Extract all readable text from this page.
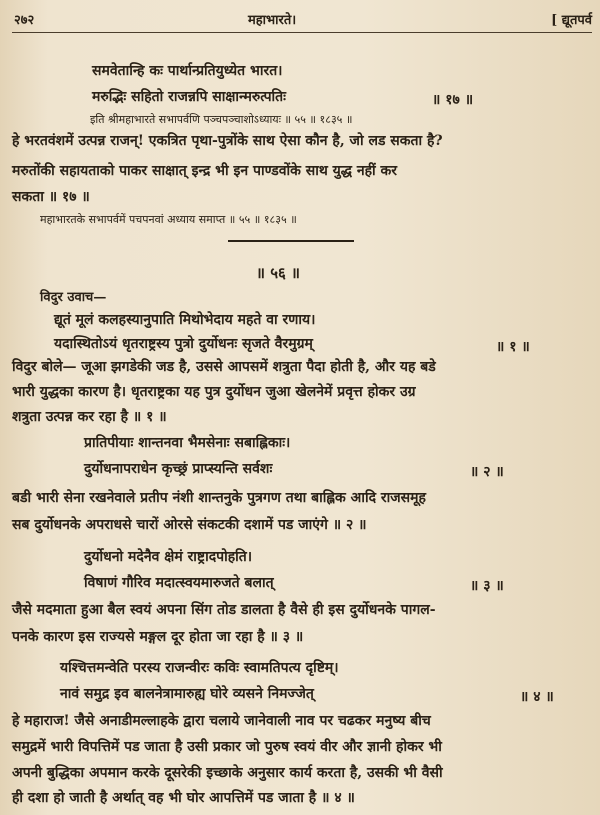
२७२	महाभारते।	[ द्यूतपर्व
समवेतान्हि कः पार्थान्प्रतियुध्येत भारत।
मरुद्भिः सहितो राजन्नपि साक्षान्मरुत्पतिः	॥ १७ ॥
इति श्रीमहाभारते सभापर्वणि पञ्चपञ्चाशोऽध्यायः ॥ ५५ ॥ १८३५ ॥
हे भरतवंशमें उत्पन्न राजन्! एकत्रित पृथा-पुत्रोंके साथ ऐसा कौन है, जो लड सकता है?
मरुतोंकी सहायताको पाकर साक्षात् इन्द्र भी इन पाण्डवोंके साथ युद्ध नहीं कर
सकता ॥ १७ ॥
महाभारतके सभापर्वमें पचपनवां अध्याय समाप्त ॥ ५५ ॥ १८३५ ॥
॥ ५६ ॥
विदुर उवाच—
द्यूतं मूलं कलहस्यानुपाति मिथोभेदाय महते वा रणाय।
यदास्थितोऽयं धृतराष्ट्रस्य पुत्रो दुर्योधनः सृजते वैरमुग्रम्	॥ १ ॥
विदुर बोले— जूआ झगडेकी जड है, उससे आपसमें शत्रुता पैदा होती है, और यह बडे
भारी युद्धका कारण है। धृतराष्ट्रका यह पुत्र दुर्योधन जुआ खेलनेमें प्रवृत्त होकर उग्र
शत्रुता उत्पन्न कर रहा है ॥ १ ॥
प्रातिपीयाः शान्तनवा भैमसेनाः सबाह्लिकाः।
दुर्योधनापराधेन कृच्छ्रं प्राप्स्यन्ति सर्वशः	॥ २ ॥
बडी भारी सेना रखनेवाले प्रतीप नंशी शान्तनुके पुत्रगण तथा बाह्लिक आदि राजसमूह
सब दुर्योधनके अपराधसे चारों ओरसे संकटकी दशामें पड जाएंगे ॥ २ ॥
दुर्योधनो मदेनैव क्षेमं राष्ट्रादपोहति।
विषाणं गौरिव मदात्स्वयमारुजते बलात्	॥ ३ ॥
जैसे मदमाता हुआ बैल स्वयं अपना सिंग तोड डालता है वैसे ही इस दुर्योधनके पागल-
पनके कारण इस राज्यसे मङ्गल दूर होता जा रहा है ॥ ३ ॥
यश्चित्तमन्वेति परस्य राजन्वीरः कविः स्वामतिपत्य दृष्टिम्।
नावं समुद्र इव बालनेत्रामारुह्य घोरे व्यसने निमज्जेत्	॥ ४ ॥
हे महाराज! जैसे अनाडीमल्लाहके द्वारा चलाये जानेवाली नाव पर चढकर मनुष्य बीच
समुद्रमें भारी विपत्तिमें पड जाता है उसी प्रकार जो पुरुष स्वयं वीर और ज्ञानी होकर भी
अपनी बुद्धिका अपमान करके दूसरेकी इच्छाके अनुसार कार्य करता है, उसकी भी वैसी
ही दशा हो जाती है अर्थात् वह भी घोर आपत्तिमें पड जाता है ॥ ४ ॥
